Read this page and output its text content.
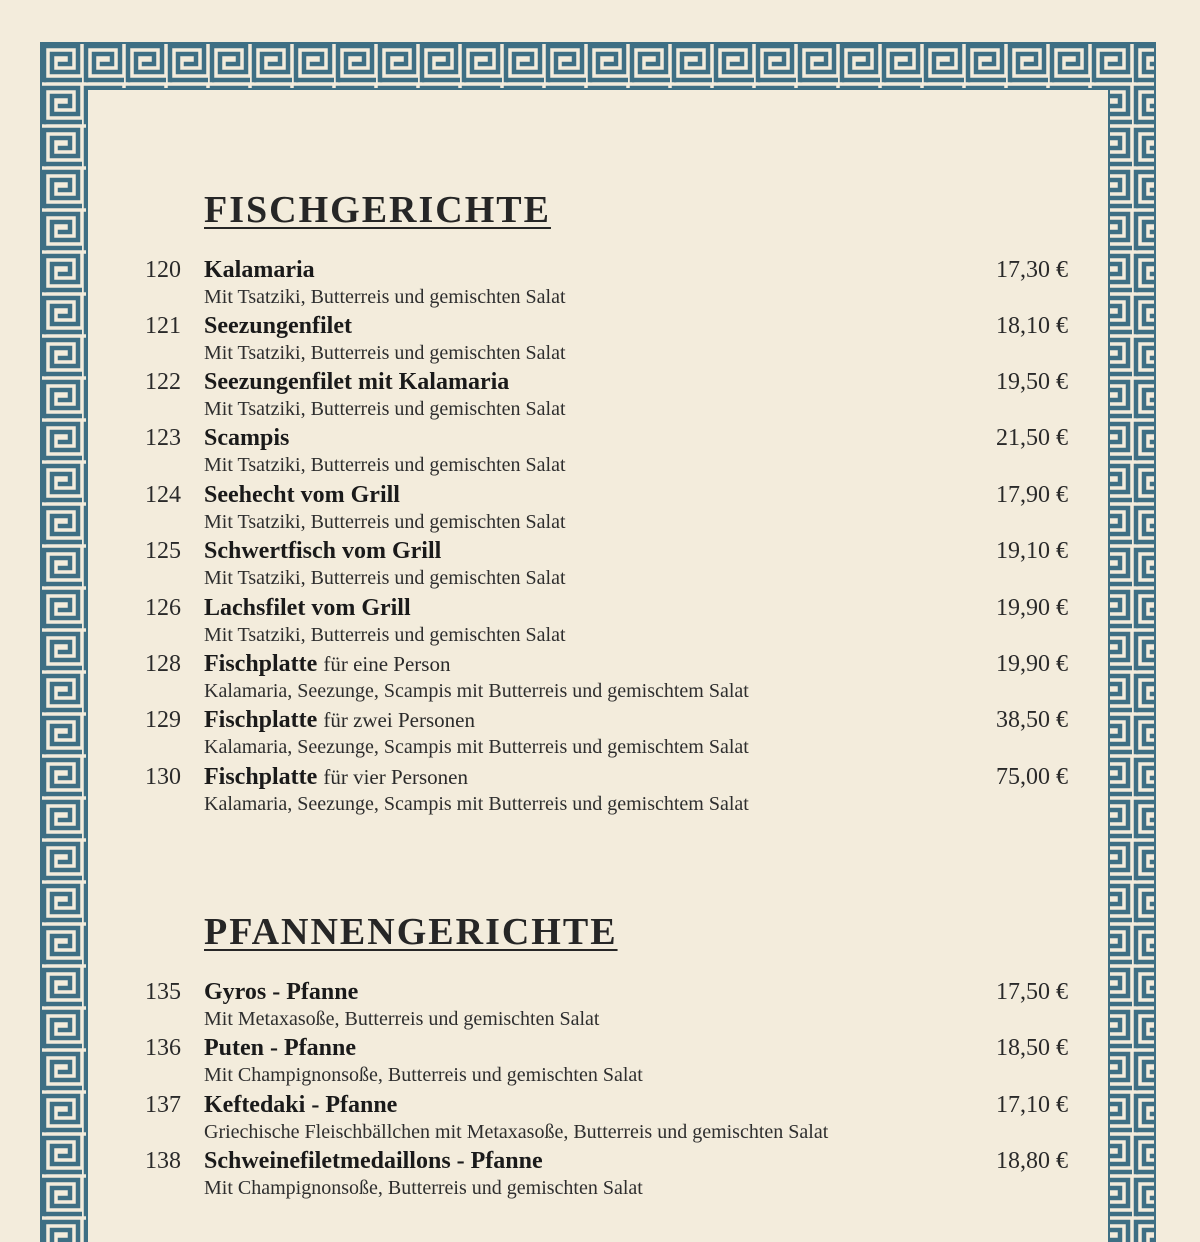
FISCHGERICHTE
120 Kalamaria
Mit Tsatziki, Butterreis und gemischten Salat
17,30 €
121 Seezungenfilet
Mit Tsatziki, Butterreis und gemischten Salat
18,10 €
122 Seezungenfilet mit Kalamaria
Mit Tsatziki, Butterreis und gemischten Salat
19,50 €
123 Scampis
Mit Tsatziki, Butterreis und gemischten Salat
21,50 €
124 Seehecht vom Grill
Mit Tsatziki, Butterreis und gemischten Salat
17,90 €
125 Schwertfisch vom Grill
Mit Tsatziki, Butterreis und gemischten Salat
19,10 €
126 Lachsfilet vom Grill
Mit Tsatziki, Butterreis und gemischten Salat
19,90 €
128 Fischplatte für eine Person
Kalamaria, Seezunge, Scampis mit Butterreis und gemischtem Salat
19,90 €
129 Fischplatte für zwei Personen
Kalamaria, Seezunge, Scampis mit Butterreis und gemischtem Salat
38,50 €
130 Fischplatte für vier Personen
Kalamaria, Seezunge, Scampis mit Butterreis und gemischtem Salat
75,00 €
PFANNENGERICHTE
135 Gyros - Pfanne
Mit Metaxasoße, Butterreis und gemischten Salat
17,50 €
136 Puten - Pfanne
Mit Champignonsoße, Butterreis und gemischten Salat
18,50 €
137 Keftedaki - Pfanne
Griechische Fleischbällchen mit Metaxasoße, Butterreis und gemischten Salat
17,10 €
138 Schweinefiletmedaillons - Pfanne
Mit Champignonsoße, Butterreis und gemischten Salat
18,80 €
